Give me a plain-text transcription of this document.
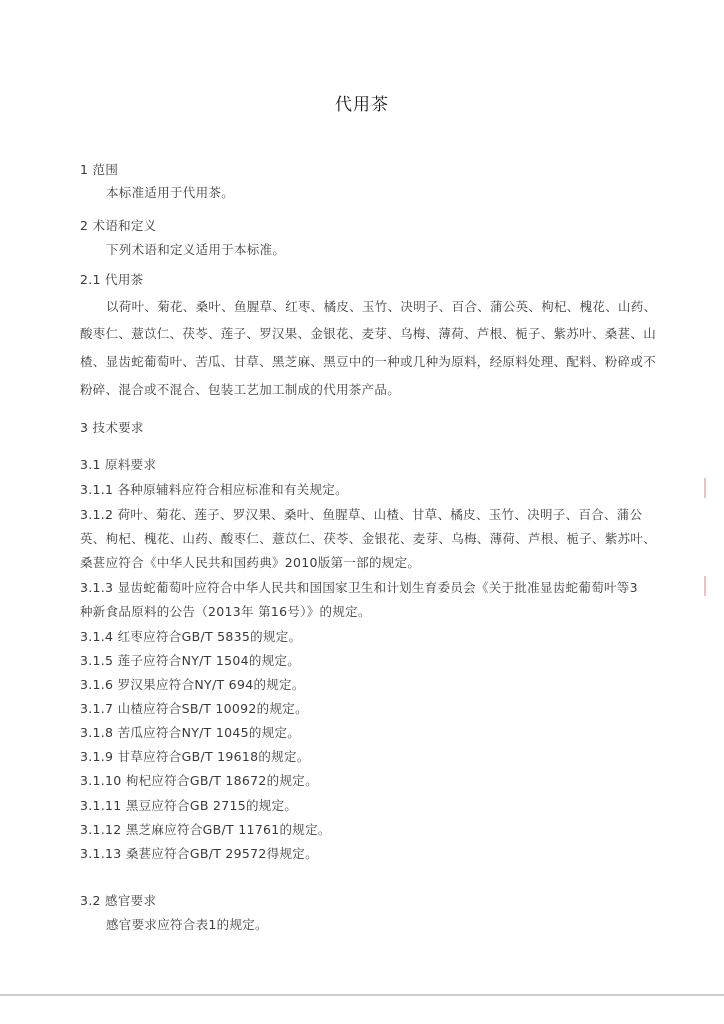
代用茶
1 范围
本标准适用于代用茶。
2 术语和定义
下列术语和定义适用于本标准。
2.1 代用茶
以荷叶、菊花、桑叶、鱼腥草、红枣、橘皮、玉竹、决明子、百合、蒲公英、枸杞、槐花、山药、
酸枣仁、薏苡仁、茯苓、莲子、罗汉果、金银花、麦芽、乌梅、薄荷、芦根、栀子、紫苏叶、桑葚、山
楂、显齿蛇葡萄叶、苦瓜、甘草、黑芝麻、黑豆中的一种或几种为原料，经原料处理、配料、粉碎或不
粉碎、混合或不混合、包装工艺加工制成的代用茶产品。
3 技术要求
3.1 原料要求
3.1.1 各种原辅料应符合相应标准和有关规定。
3.1.2 荷叶、菊花、莲子、罗汉果、桑叶、鱼腥草、山楂、甘草、橘皮、玉竹、决明子、百合、蒲公
英、枸杞、槐花、山药、酸枣仁、薏苡仁、茯苓、金银花、麦芽、乌梅、薄荷、芦根、栀子、紫苏叶、
桑葚应符合《中华人民共和国药典》2010版第一部的规定。
3.1.3 显齿蛇葡萄叶应符合中华人民共和国国家卫生和计划生育委员会《关于批准显齿蛇葡萄叶等3
种新食品原料的公告（2013年 第16号）》的规定。
3.1.4 红枣应符合GB/T 5835的规定。
3.1.5 莲子应符合NY/T 1504的规定。
3.1.6 罗汉果应符合NY/T 694的规定。
3.1.7 山楂应符合SB/T 10092的规定。
3.1.8 苦瓜应符合NY/T 1045的规定。
3.1.9 甘草应符合GB/T 19618的规定。
3.1.10 枸杞应符合GB/T 18672的规定。
3.1.11 黑豆应符合GB 2715的规定。
3.1.12 黑芝麻应符合GB/T 11761的规定。
3.1.13 桑葚应符合GB/T 29572得规定。
3.2 感官要求
感官要求应符合表1的规定。
